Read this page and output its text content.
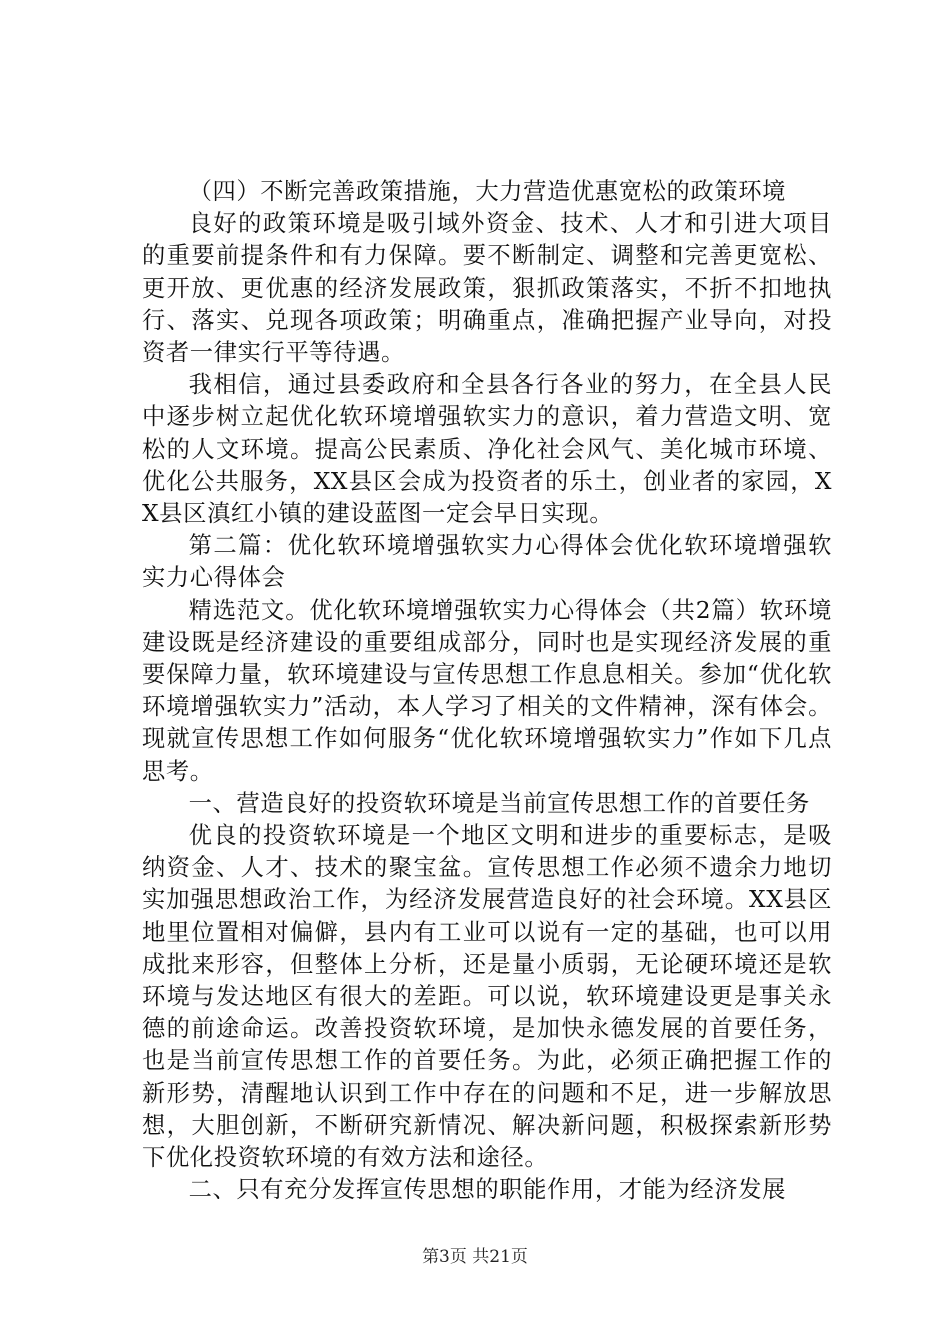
（四）不断完善政策措施，大力营造优惠宽松的政策环境

良好的政策环境是吸引域外资金、技术、人才和引进大项目的重要前提条件和有力保障。要不断制定、调整和完善更宽松、更开放、更优惠的经济发展政策，狠抓政策落实，不折不扣地执行、落实、兑现各项政策；明确重点，准确把握产业导向，对投资者一律实行平等待遇。

我相信，通过县委政府和全县各行各业的努力，在全县人民中逐步树立起优化软环境增强软实力的意识，着力营造文明、宽松的人文环境。提高公民素质、净化社会风气、美化城市环境、优化公共服务，XX县区会成为投资者的乐土，创业者的家园，XX县区滇红小镇的建设蓝图一定会早日实现。

第二篇：优化软环境增强软实力心得体会优化软环境增强软实力心得体会

精选范文。优化软环境增强软实力心得体会（共2篇）软环境建设既是经济建设的重要组成部分，同时也是实现经济发展的重要保障力量，软环境建设与宣传思想工作息息相关。参加“优化软环境增强软实力”活动，本人学习了相关的文件精神，深有体会。现就宣传思想工作如何服务“优化软环境增强软实力”作如下几点思考。

一、营造良好的投资软环境是当前宣传思想工作的首要任务

优良的投资软环境是一个地区文明和进步的重要标志，是吸纳资金、人才、技术的聚宝盆。宣传思想工作必须不遗余力地切实加强思想政治工作，为经济发展营造良好的社会环境。XX县区地里位置相对偏僻，县内有工业可以说有一定的基础，也可以用成批来形容，但整体上分析，还是量小质弱，无论硬环境还是软环境与发达地区有很大的差距。可以说，软环境建设更是事关永德的前途命运。改善投资软环境，是加快永德发展的首要任务，也是当前宣传思想工作的首要任务。为此，必须正确把握工作的新形势，清醒地认识到工作中存在的问题和不足，进一步解放思想，大胆创新，不断研究新情况、解决新问题，积极探索新形势下优化投资软环境的有效方法和途径。

二、只有充分发挥宣传思想的职能作用，才能为经济发展

第3页 共21页
